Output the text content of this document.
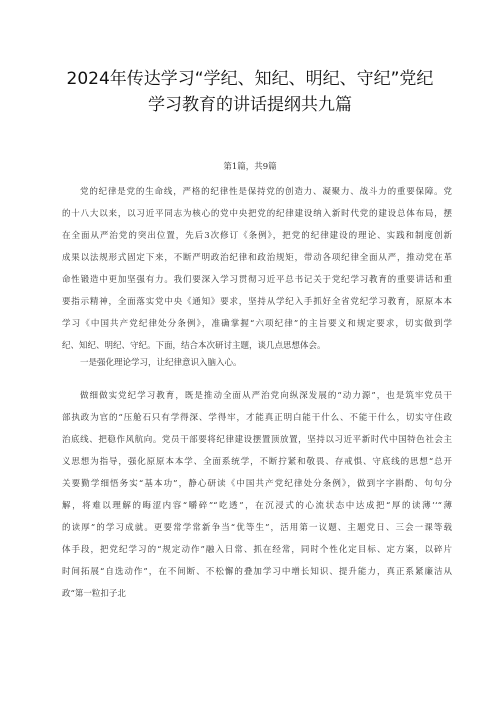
2024年传达学习“学纪、知纪、明纪、守纪”党纪
学习教育的讲话提纲共九篇
第1篇，共9篇
党的纪律是党的生命线，严格的纪律性是保持党的创造力、凝聚力、战斗力的重要保障。党
的十八大以来，以习近平同志为核心的党中央把党的纪律建设纳入新时代党的建设总体布局，摆
在全面从严治党的突出位置，先后3次修订《条例》，把党的纪律建设的理论、实践和制度创新
成果以法规形式固定下来，不断严明政治纪律和政治规矩，带动各项纪律全面从严，推动党在革
命性锻造中更加坚强有力。我们要深入学习贯彻习近平总书记关于党纪学习教育的重要讲话和重
要指示精神，全面落实党中央《通知》要求，坚持从学纪入手抓好全省党纪学习教育，原原本本
学习《中国共产党纪律处分条例》，准确掌握“六项纪律”的主旨要义和规定要求，切实做到学
纪、知纪、明纪、守纪。下面，结合本次研讨主题，谈几点思想体会。
一是强化理论学习，让纪律意识入脑入心。
做细做实党纪学习教育，既是推动全面从严治党向纵深发展的“动力源”，也是筑牢党员干
部执政为官的“压舱石只有学得深、学得牢，才能真正明白能干什么、不能干什么，切实守住政
治底线、把稳作风航向。党员干部要将纪律建设摆置顶放置，坚持以习近平新时代中国特色社会主
义思想为指导，强化原原本本学、全面系统学，不断拧紧和敬畏、存戒惧、守底线的思想“总开
关要勤学细悟务实“基本功”，静心研读《中国共产党纪律处分条例》，做到字字斟酌、句句分
解，将难以理解的晦涩内容“嚼碎”“吃透”，在沉浸式的心流状态中达成把“厚的读薄’‘“薄
的读厚”的学习成就。更要常学常新争当“优等生”，活用第一议题、主题党日、三会一课等载
体手段，把党纪学习的“规定动作”融入日常、抓在经常，同时个性化定目标、定方案，以碎片
时间拓展“自选动作”，在不间断、不松懈的叠加学习中增长知识、提升能力，真正系紧廉洁从
政“第一粒扣子北
